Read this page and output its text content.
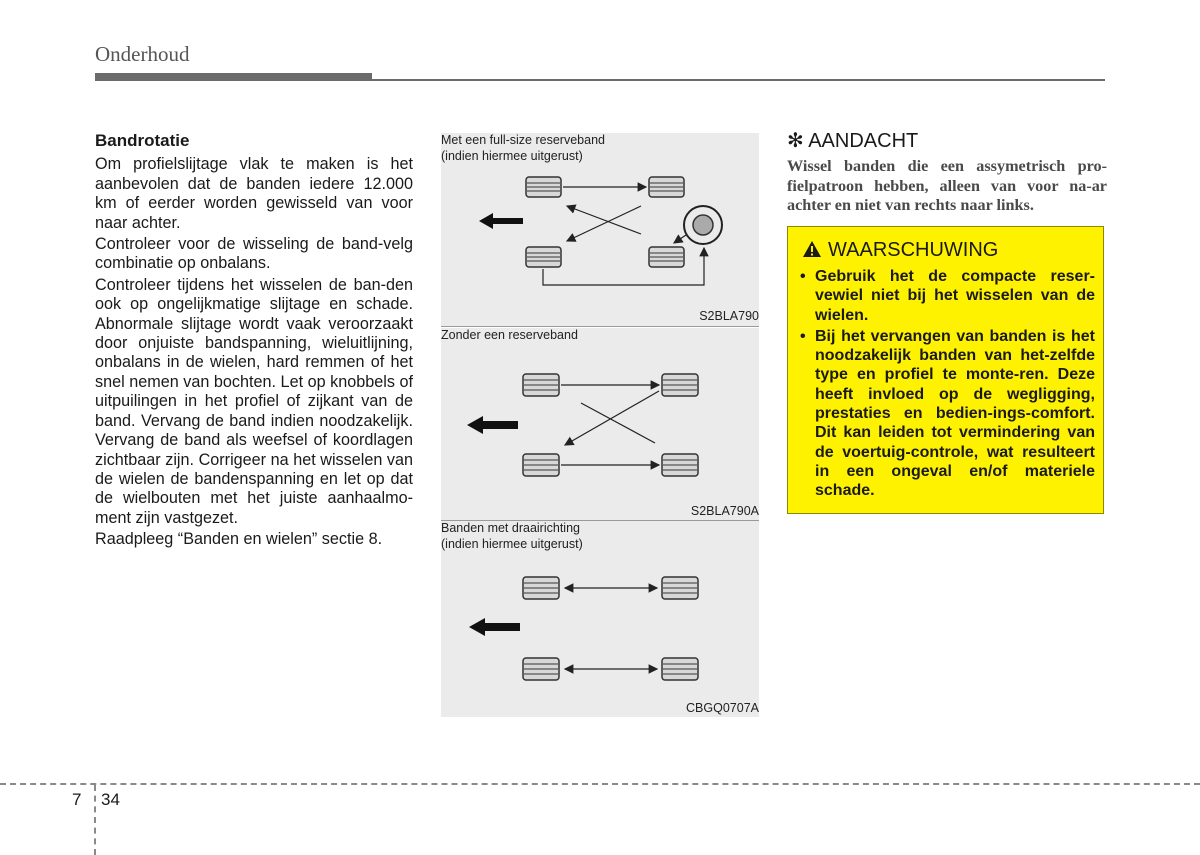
Onderhoud
Bandrotatie

Om profielslijtage vlak te maken is het aanbevolen dat de banden iedere 12.000 km of eerder worden gewisseld van voor naar achter.

Controleer voor de wisseling de band-velg combinatie op onbalans.

Controleer tijdens het wisselen de ban-den ook op ongelijkmatige slijtage en schade. Abnormale slijtage wordt vaak veroorzaakt door onjuiste bandspanning, wieluitlijning, onbalans in de wielen, hard remmen of het snel nemen van bochten. Let op knobbels of uitpuilingen in het profiel of zijkant van de band. Vervang de band indien noodzakelijk. Vervang de band als weefsel of koordlagen zichtbaar zijn. Corrigeer na het wisselen van de wielen de bandenspanning en let op dat de wielbouten met het juiste aanhaalmo-ment zijn vastgezet.

Raadpleeg “Banden en wielen” sectie 8.

Met een full-size reserveband
(indien hiermee uitgerust)
S2BLA790
Zonder een reserveband
S2BLA790A
Banden met draairichting
(indien hiermee uitgerust)
CBGQ0707A
✻ AANDACHT

Wissel banden die een assymetrisch pro-fielpatroon hebben, alleen van voor na-ar achter en niet van rechts naar links.

WAARSCHUWING
• Gebruik het de compacte reser-vewiel niet bij het wisselen van de wielen.
• Bij het vervangen van banden is het noodzakelijk banden van het-zelfde type en profiel te monte-ren. Deze heeft invloed op de wegligging, prestaties en bedien-ings-comfort. Dit kan leiden tot vermindering van de voertuig-controle, wat resulteert in een ongeval en/of materiele schade.
7 34
